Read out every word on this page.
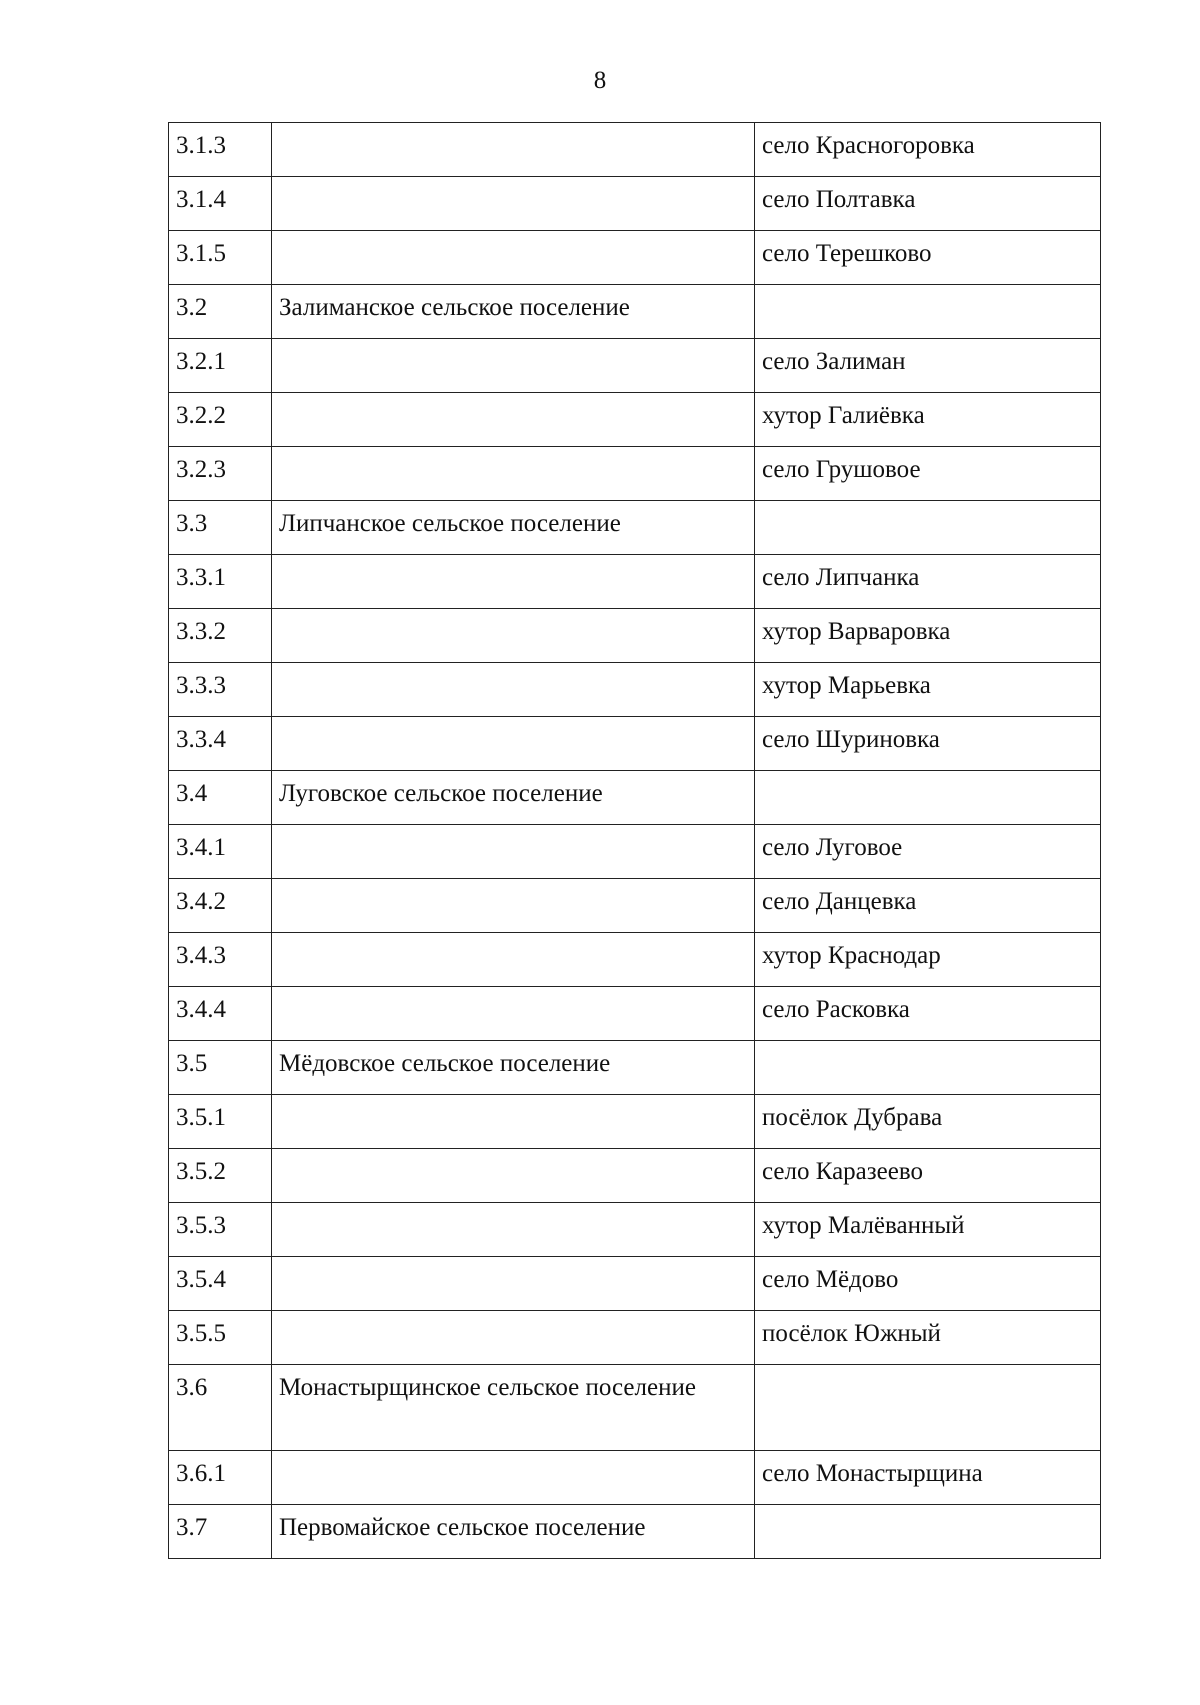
8
3.1.3		село Красногоровка
3.1.4		село Полтавка
3.1.5		село Терешково
3.2	Залиманское сельское поселение	
3.2.1		село Залиман
3.2.2		хутор Галиёвка
3.2.3		село Грушовое
3.3	Липчанское сельское поселение	
3.3.1		село Липчанка
3.3.2		хутор Варваровка
3.3.3		хутор Марьевка
3.3.4		село Шуриновка
3.4	Луговское сельское поселение	
3.4.1		село Луговое
3.4.2		село Данцевка
3.4.3		хутор Краснодар
3.4.4		село Расковка
3.5	Мёдовское сельское поселение	
3.5.1		посёлок Дубрава
3.5.2		село Каразеево
3.5.3		хутор Малёванный
3.5.4		село Мёдово
3.5.5		посёлок Южный
3.6	Монастырщинское сельское поселение	
3.6.1		село Монастырщина
3.7	Первомайское сельское поселение	
